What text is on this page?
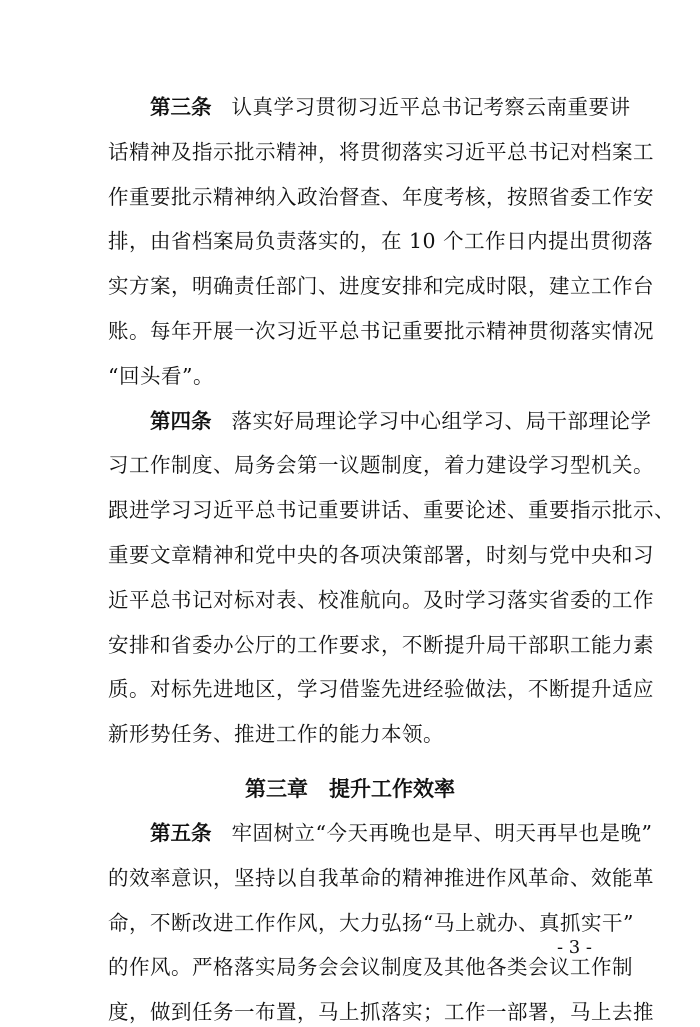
第三条 认真学习贯彻习近平总书记考察云南重要讲
话精神及指示批示精神，将贯彻落实习近平总书记对档案工
作重要批示精神纳入政治督查、年度考核，按照省委工作安
排，由省档案局负责落实的，在 10 个工作日内提出贯彻落
实方案，明确责任部门、进度安排和完成时限，建立工作台
账。每年开展一次习近平总书记重要批示精神贯彻落实情况
“回头看”。
第四条 落实好局理论学习中心组学习、局干部理论学
习工作制度、局务会第一议题制度，着力建设学习型机关。
跟进学习习近平总书记重要讲话、重要论述、重要指示批示、
重要文章精神和党中央的各项决策部署，时刻与党中央和习
近平总书记对标对表、校准航向。及时学习落实省委的工作
安排和省委办公厅的工作要求，不断提升局干部职工能力素
第三章　提升工作效率
第五条 牢固树立“今天再晚也是早、明天再早也是晚”
的效率意识，坚持以自我革命的精神推进作风革命、效能革
命，不断改进工作作风，大力弘扬“马上就办、真抓实干”
的作风。严格落实局务会会议制度及其他各类会议工作制
度，做到任务一布置，马上抓落实；工作一部署，马上去推
- 3 -
质。对标先进地区，学习借鉴先进经验做法，不断提升适应
新形势任务、推进工作的能力本领。
